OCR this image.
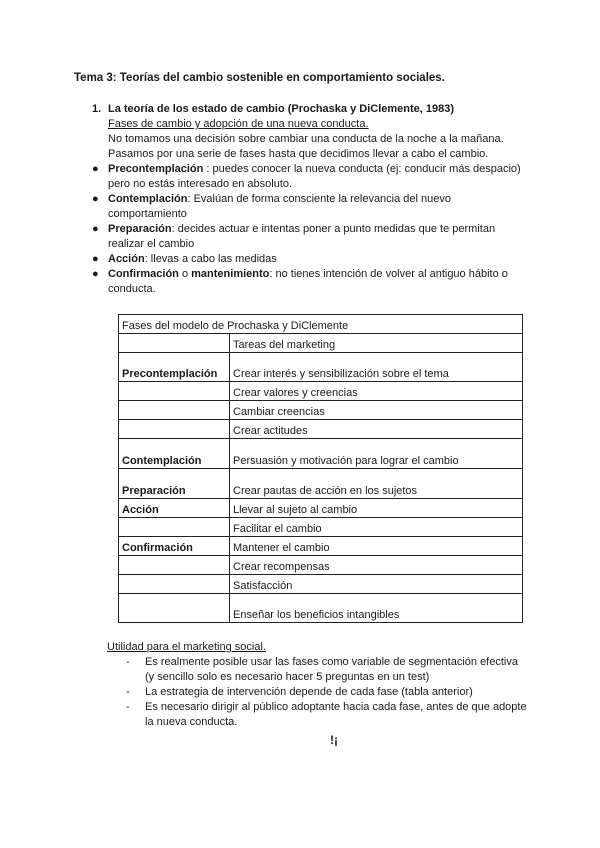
Tema 3: Teorías del cambio sostenible en comportamiento sociales.
1. La teoría de los estado de cambio (Prochaska y DiClemente, 1983)
Fases de cambio y adopción de una nueva conducta.
No tomamos una decisión sobre cambiar una conducta de la noche a la mañana.
Pasamos por una serie de fases hasta que decidimos llevar a cabo el cambio.
● Precontemplación : puedes conocer la nueva conducta (ej: conducir más despacio) pero no estás interesado en absoluto.
● Contemplación: Evalúan de forma consciente la relevancia del nuevo comportamiento
● Preparación: decides actuar e intentas poner a punto medidas que te permitan realizar el cambio
● Acción: llevas a cabo las medidas
● Confirmación o mantenimiento: no tienes intención de volver al antiguo hábito o conducta.
Fases del modelo de Prochaska y DiClemente	
	Tareas del marketing
Precontemplación	Crear interés y sensibilización sobre el tema
	Crear valores y creencias
	Cambiar creencias
	Crear actitudes
Contemplación	Persuasión y motivación para lograr el cambio
Preparación	Crear pautas de acción en los sujetos
Acción	Llevar al sujeto al cambio
	Facilitar el cambio
Confirmación	Mantener el cambio
	Crear recompensas
	Satisfacción
	Enseñar los beneficios intangibles
Utilidad para el marketing social.
- Es realmente posible usar las fases como variable de segmentación efectiva (y sencillo solo es necesario hacer 5 preguntas en un test)
- La estrategia de intervención depende de cada fase (tabla anterior)
- Es necesario dirigir al público adoptante hacia cada fase, antes de que adopte la nueva conducta.
!¡
